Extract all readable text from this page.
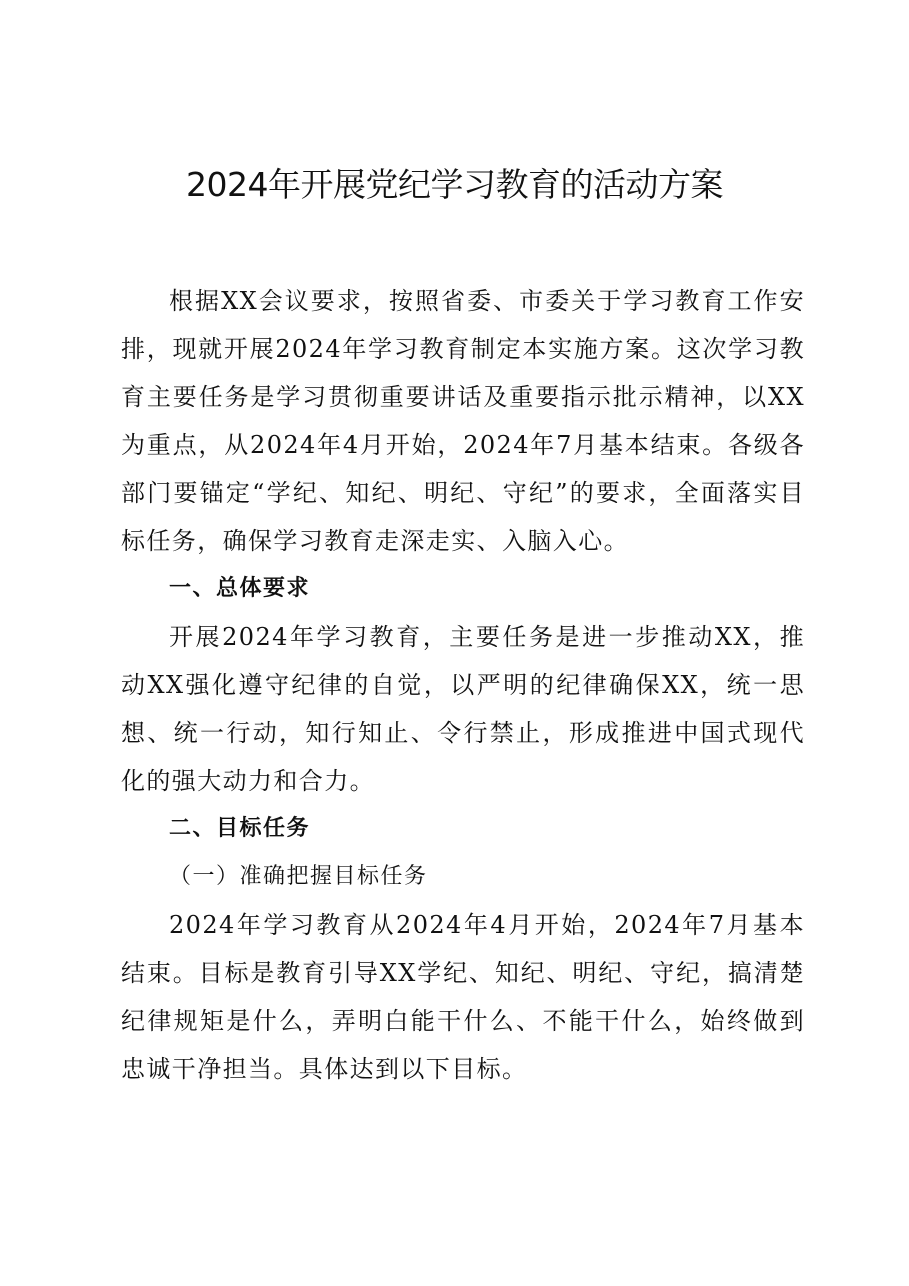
2024年开展党纪学习教育的活动方案

根据XX会议要求，按照省委、市委关于学习教育工作安排，现就开展2024年学习教育制定本实施方案。这次学习教育主要任务是学习贯彻重要讲话及重要指示批示精神，以XX为重点，从2024年4月开始，2024年7月基本结束。各级各部门要锚定“学纪、知纪、明纪、守纪”的要求，全面落实目标任务，确保学习教育走深走实、入脑入心。

一、总体要求

开展2024年学习教育，主要任务是进一步推动XX，推动XX强化遵守纪律的自觉，以严明的纪律确保XX，统一思想、统一行动，知行知止、令行禁止，形成推进中国式现代化的强大动力和合力。

二、目标任务

（一）准确把握目标任务

2024年学习教育从2024年4月开始，2024年7月基本结束。目标是教育引导XX学纪、知纪、明纪、守纪，搞清楚纪律规矩是什么，弄明白能干什么、不能干什么，始终做到忠诚干净担当。具体达到以下目标。
